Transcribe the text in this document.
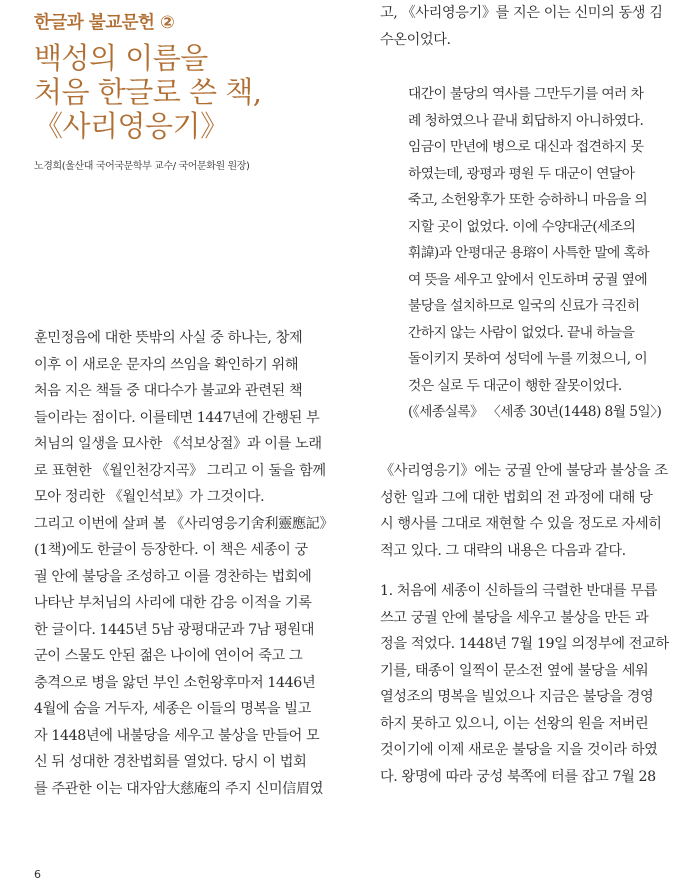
한글과 불교문헌 ②
백성의 이름을
처음 한글로 쓴 책,
《사리영응기》
노경희(울산대 국어국문학부 교수/ 국어문화원 원장)
훈민정음에 대한 뜻밖의 사실 중 하나는, 창제
이후 이 새로운 문자의 쓰임을 확인하기 위해
처음 지은 책들 중 대다수가 불교와 관련된 책
들이라는 점이다. 이를테면 1447년에 간행된 부
처님의 일생을 묘사한 《석보상절》과 이를 노래
로 표현한 《월인천강지곡》 그리고 이 둘을 함께
모아 정리한 《월인석보》가 그것이다.
그리고 이번에 살펴 볼 《사리영응기舍利靈應記》
(1책)에도 한글이 등장한다. 이 책은 세종이 궁
궐 안에 불당을 조성하고 이를 경찬하는 법회에
나타난 부처님의 사리에 대한 감응 이적을 기록
한 글이다. 1445년 5남 광평대군과 7남 평원대
군이 스물도 안된 젊은 나이에 연이어 죽고 그
충격으로 병을 앓던 부인 소헌왕후마저 1446년
4월에 숨을 거두자, 세종은 이들의 명복을 빌고
자 1448년에 내불당을 세우고 불상을 만들어 모
신 뒤 성대한 경찬법회를 열었다. 당시 이 법회
를 주관한 이는 대자암大慈庵의 주지 신미信眉였
고, 《사리영응기》를 지은 이는 신미의 동생 김
수온이었다.
대간이 불당의 역사를 그만두기를 여러 차
례 청하였으나 끝내 회답하지 아니하였다.
임금이 만년에 병으로 대신과 접견하지 못
하였는데, 광평과 평원 두 대군이 연달아
죽고, 소헌왕후가 또한 승하하니 마음을 의
지할 곳이 없었다. 이에 수양대군(세조의
휘諱)과 안평대군 용瑢이 사특한 말에 혹하
여 뜻을 세우고 앞에서 인도하며 궁궐 옆에
불당을 설치하므로 일국의 신료가 극진히
간하지 않는 사람이 없었다. 끝내 하늘을
돌이키지 못하여 성덕에 누를 끼쳤으니, 이
것은 실로 두 대군이 행한 잘못이었다.
(《세종실록》 〈세종 30년(1448) 8월 5일〉)
《사리영응기》에는 궁궐 안에 불당과 불상을 조
성한 일과 그에 대한 법회의 전 과정에 대해 당
시 행사를 그대로 재현할 수 있을 정도로 자세히
적고 있다. 그 대략의 내용은 다음과 같다.
1. 처음에 세종이 신하들의 극렬한 반대를 무릅
쓰고 궁궐 안에 불당을 세우고 불상을 만든 과
정을 적었다. 1448년 7월 19일 의정부에 전교하
기를, 태종이 일찍이 문소전 옆에 불당을 세워
열성조의 명복을 빌었으나 지금은 불당을 경영
하지 못하고 있으니, 이는 선왕의 원을 저버린
것이기에 이제 새로운 불당을 지을 것이라 하였
다. 왕명에 따라 궁성 북쪽에 터를 잡고 7월 28
6
